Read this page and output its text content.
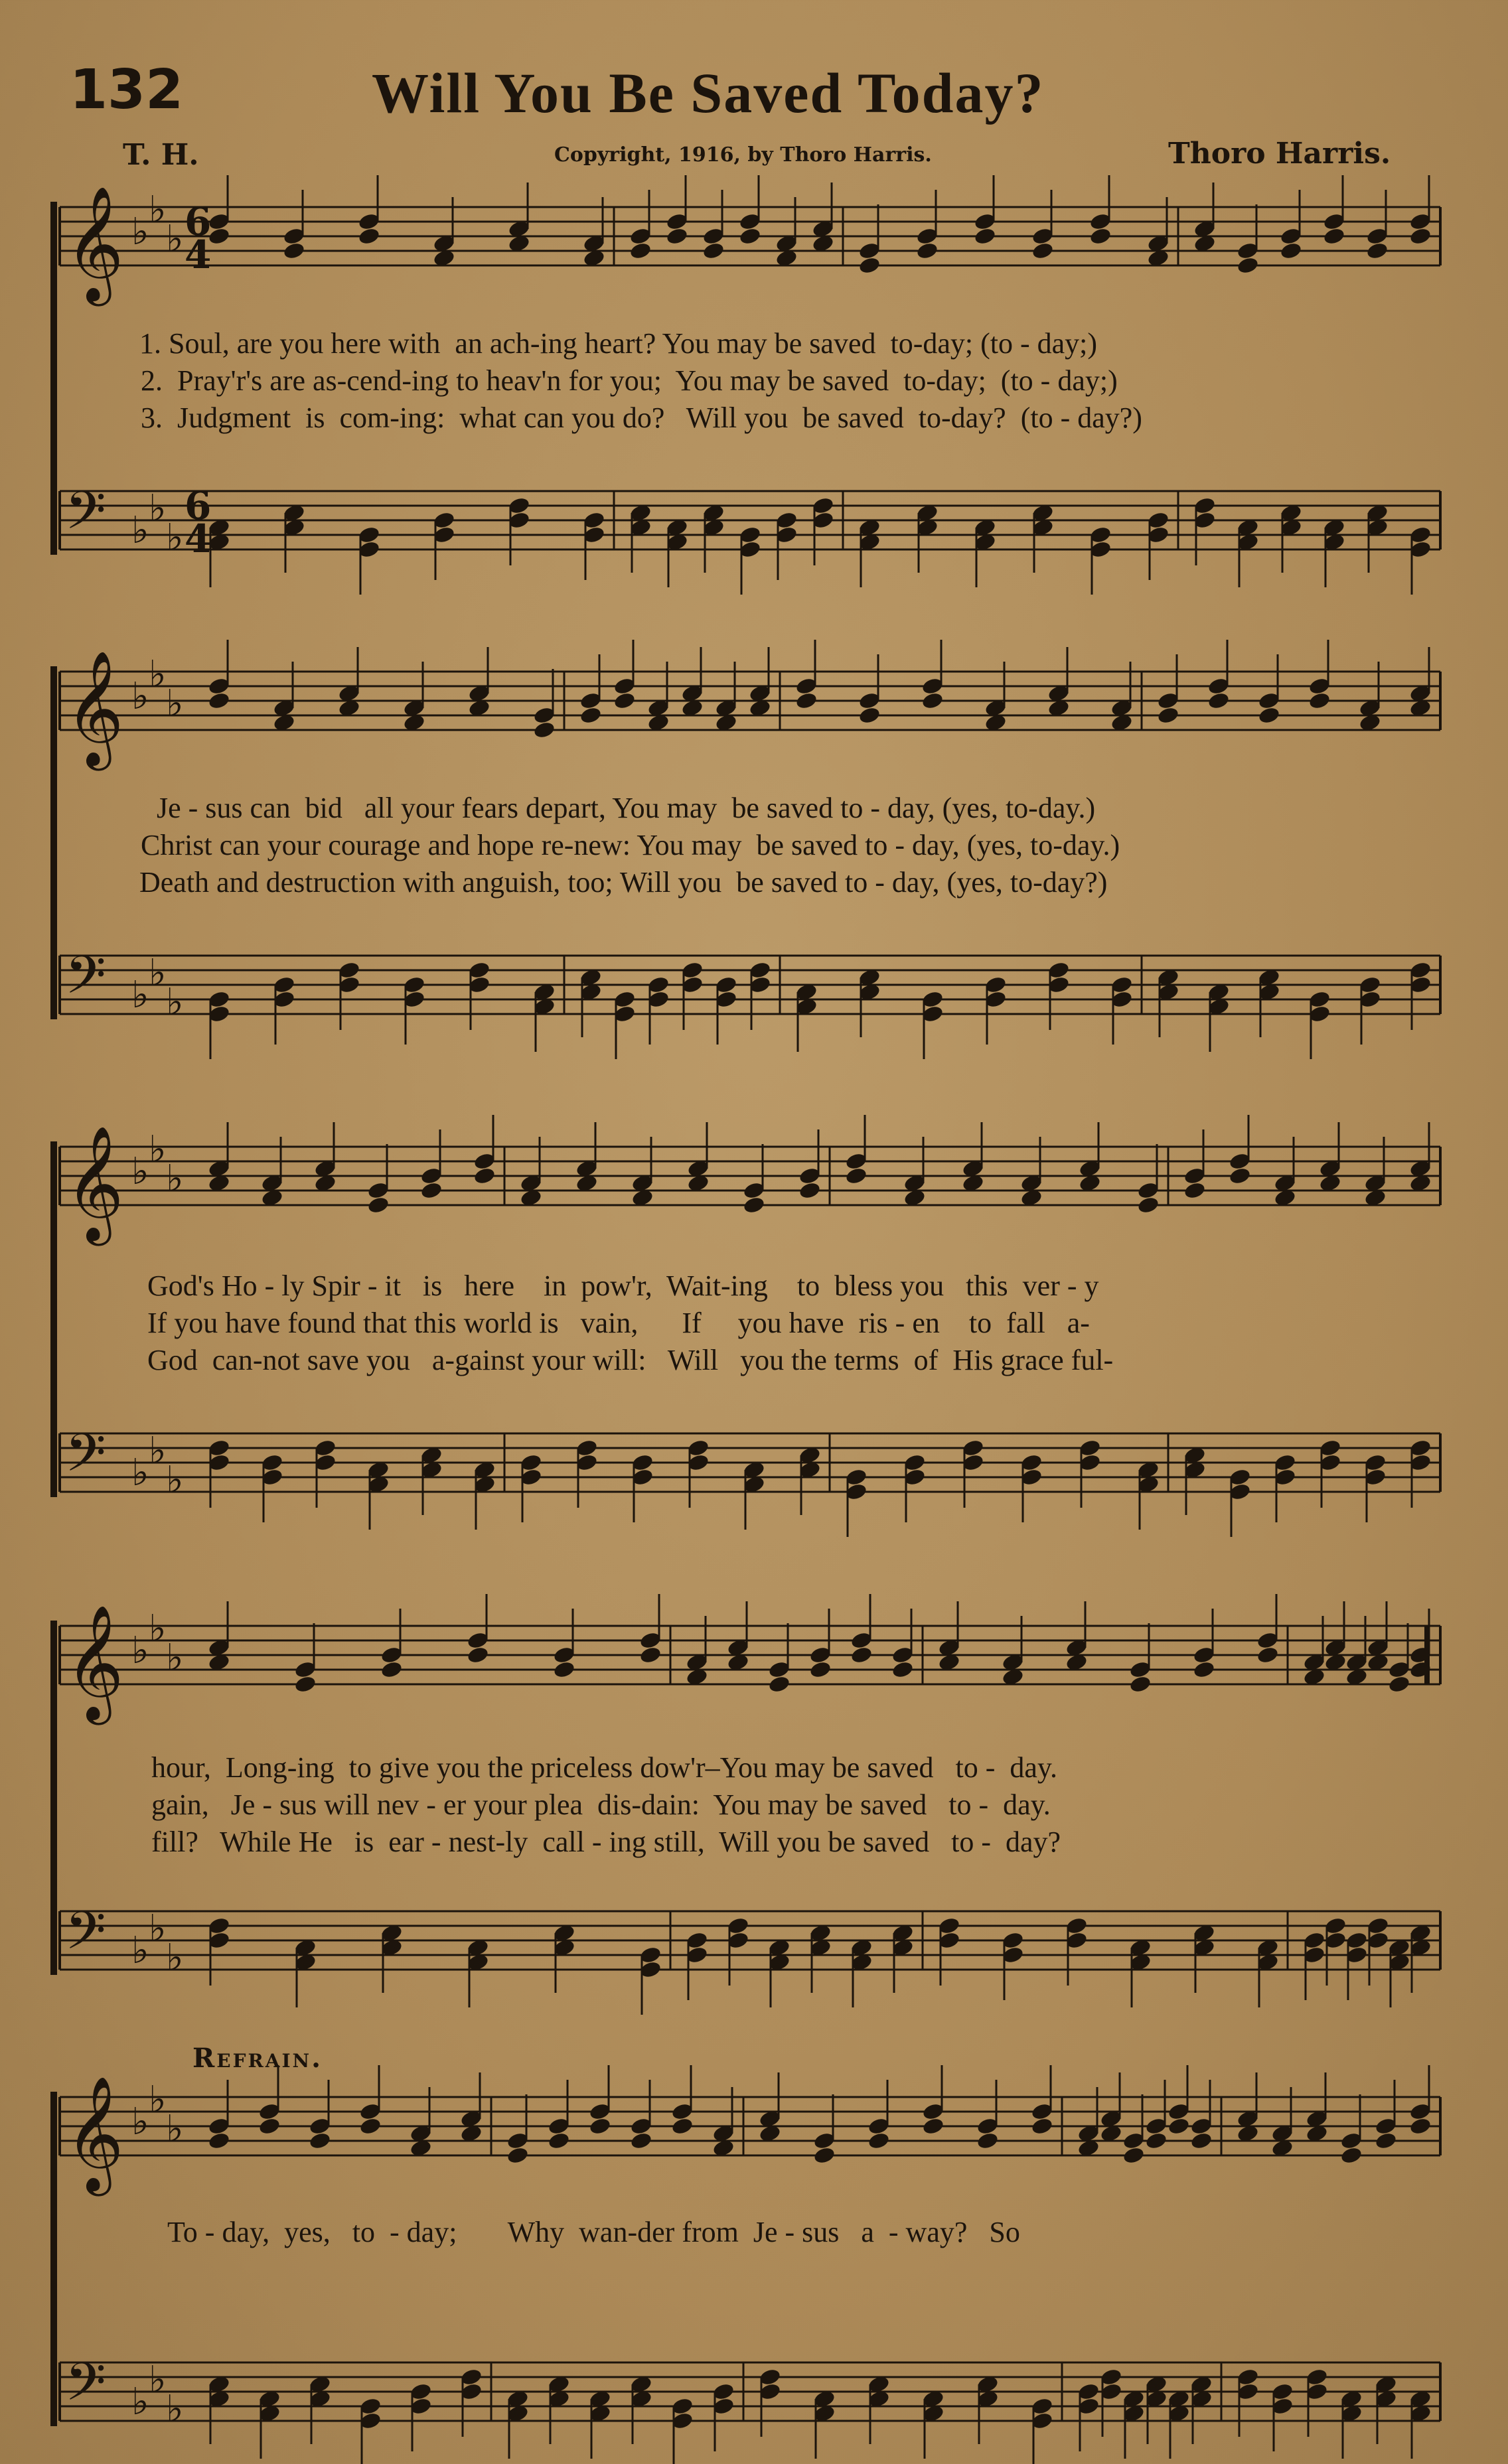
132	Will You Be Saved Today?
T. H.	Copyright, 1916, by Thoro Harris.	Thoro Harris.
𝄞 ♭
♭
♭
𝄢 ♭
♭
♭
𝄞 ♭
♭
♭
𝄢 ♭
♭
♭
𝄞 ♭
♭
♭
𝄢 ♭
♭
♭
𝄞 ♭
♭
♭
𝄢 ♭
♭
♭
𝄞 ♭
♭
♭
𝄢 ♭
♭
♭
6
4
6
4
Refrain.
1. Soul, are you here with  an ach-ing heart? You may be saved  to-day; (to - day;)
2.  Pray'r's are as-cend-ing to heav'n for you;  You may be saved  to-day;  (to - day;)
3.  Judgment  is  com-ing:  what can you do?   Will you  be saved  to-day?  (to - day?)
Je - sus can  bid   all your fears depart, You may  be saved to - day, (yes, to-day.)
Christ can your courage and hope re-new: You may  be saved to - day, (yes, to-day.)
Death and destruction with anguish, too; Will you  be saved to - day, (yes, to-day?)
God's Ho - ly Spir - it   is   here    in  pow'r,  Wait-ing    to  bless you   this  ver - y
If you have found that this world is   vain,      If     you have  ris - en    to  fall   a-
God  can-not save you   a-gainst your will:   Will   you the terms  of  His grace ful-
hour,  Long-ing  to give you the priceless dow'r–You may be saved   to -  day.
gain,   Je - sus will nev - er your plea  dis-dain:  You may be saved   to -  day.
fill?   While He   is  ear - nest-ly  call - ing still,  Will you be saved   to -  day?
To - day,  yes,   to  - day;       Why  wan-der from  Je - sus   a  - way?   So
